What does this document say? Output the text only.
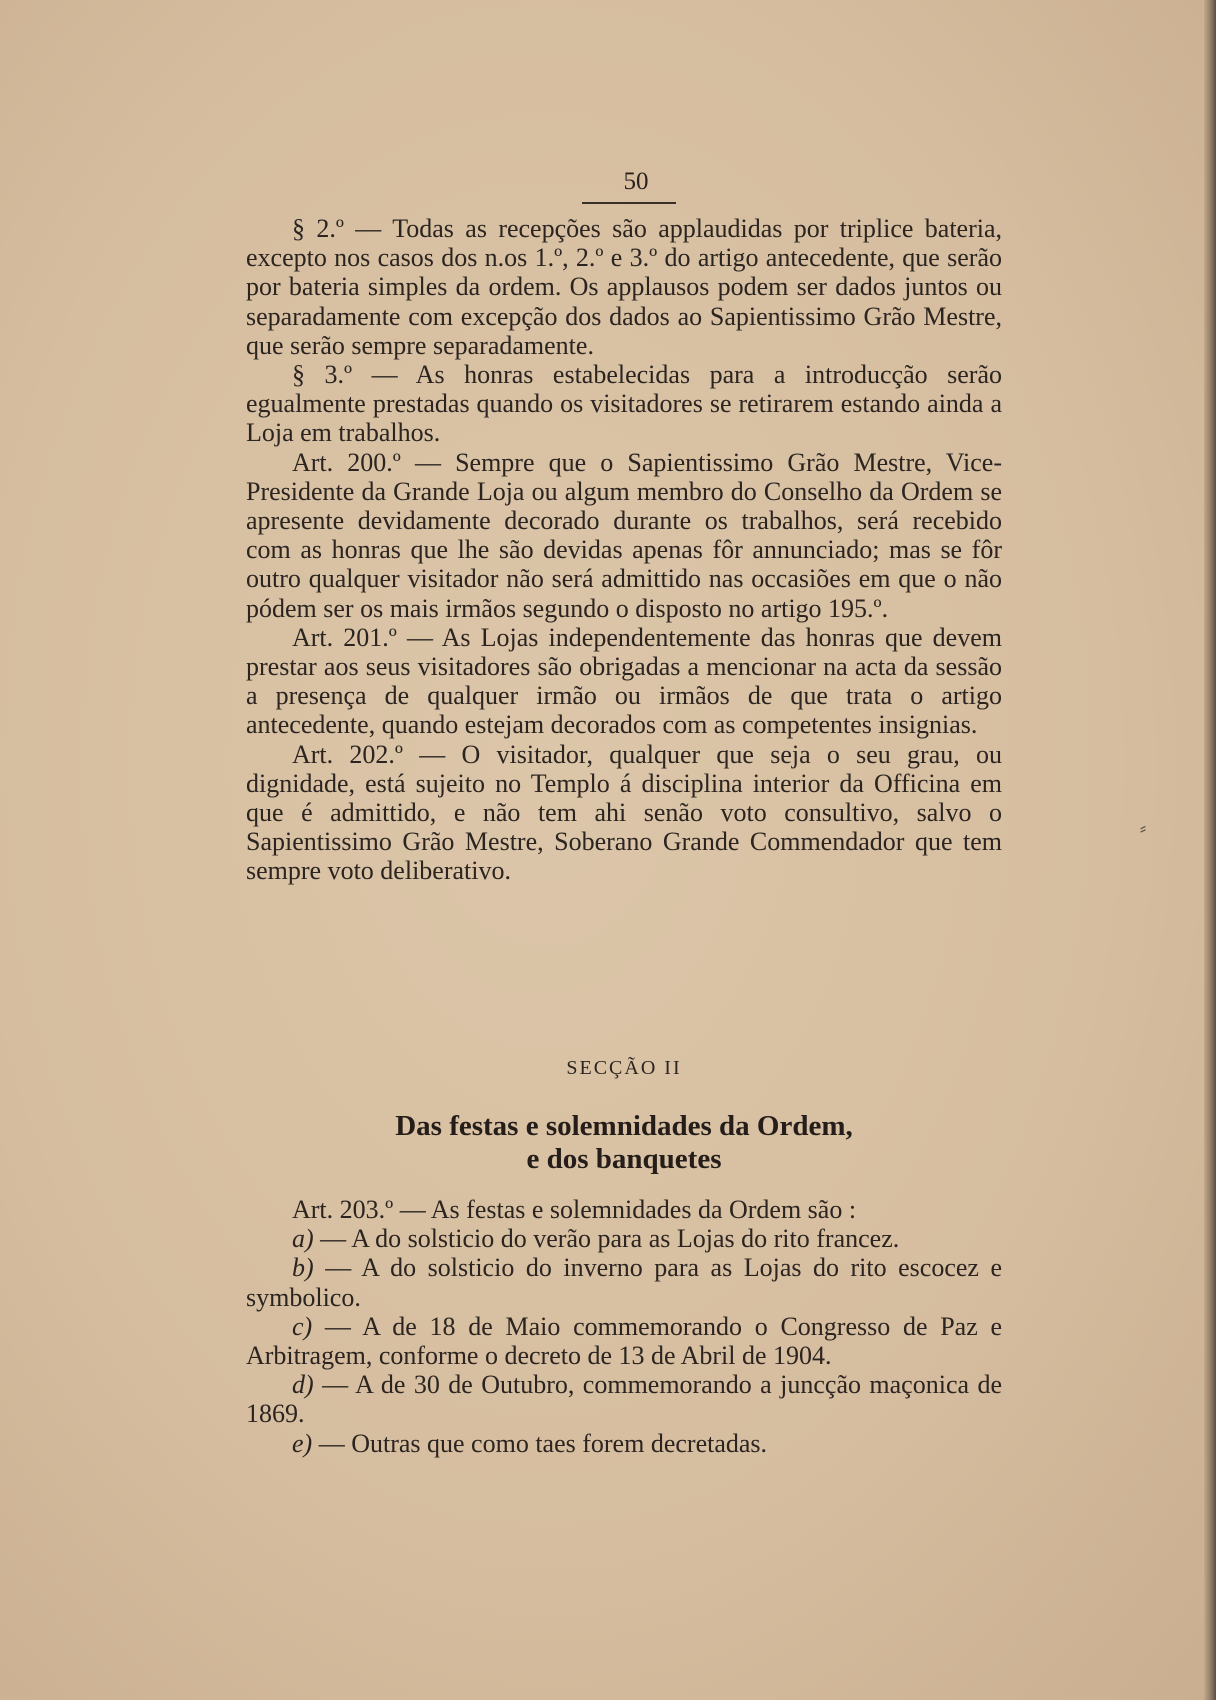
50

§ 2.º — Todas as recepções são applaudidas por triplice bateria, excepto nos casos dos n.os 1.º, 2.º e 3.º do artigo antecedente, que serão por bateria simples da ordem. Os applausos podem ser dados juntos ou separadamente com excepção dos dados ao Sapientissimo Grão Mestre, que serão sempre separadamente.

§ 3.º — As honras estabelecidas para a introducção serão egualmente prestadas quando os visitadores se retirarem estando ainda a Loja em trabalhos.

Art. 200.º — Sempre que o Sapientissimo Grão Mestre, Vice-Presidente da Grande Loja ou algum membro do Conselho da Ordem se apresente devidamente decorado durante os trabalhos, será recebido com as honras que lhe são devidas apenas fôr annunciado; mas se fôr outro qualquer visitador não será admittido nas occasiões em que o não pódem ser os mais irmãos segundo o disposto no artigo 195.º.

Art. 201.º — As Lojas independentemente das honras que devem prestar aos seus visitadores são obrigadas a mencionar na acta da sessão a presença de qualquer irmão ou irmãos de que trata o artigo antecedente, quando estejam decorados com as competentes insignias.

Art. 202.º — O visitador, qualquer que seja o seu grau, ou dignidade, está sujeito no Templo á disciplina interior da Officina em que é admittido, e não tem ahi senão voto consultivo, salvo o Sapientissimo Grão Mestre, Soberano Grande Commendador que tem sempre voto deliberativo.

SECÇÃO II
Das festas e solemnidades da Ordem,
e dos banquetes

Art. 203.º — As festas e solemnidades da Ordem são :

a) — A do solsticio do verão para as Lojas do rito francez.

b) — A do solsticio do inverno para as Lojas do rito escocez e symbolico.

c) — A de 18 de Maio commemorando o Congresso de Paz e Arbitragem, conforme o decreto de 13 de Abril de 1904.

d) — A de 30 de Outubro, commemorando a juncção maçonica de 1869.

e) — Outras que como taes forem decretadas.

⸗
